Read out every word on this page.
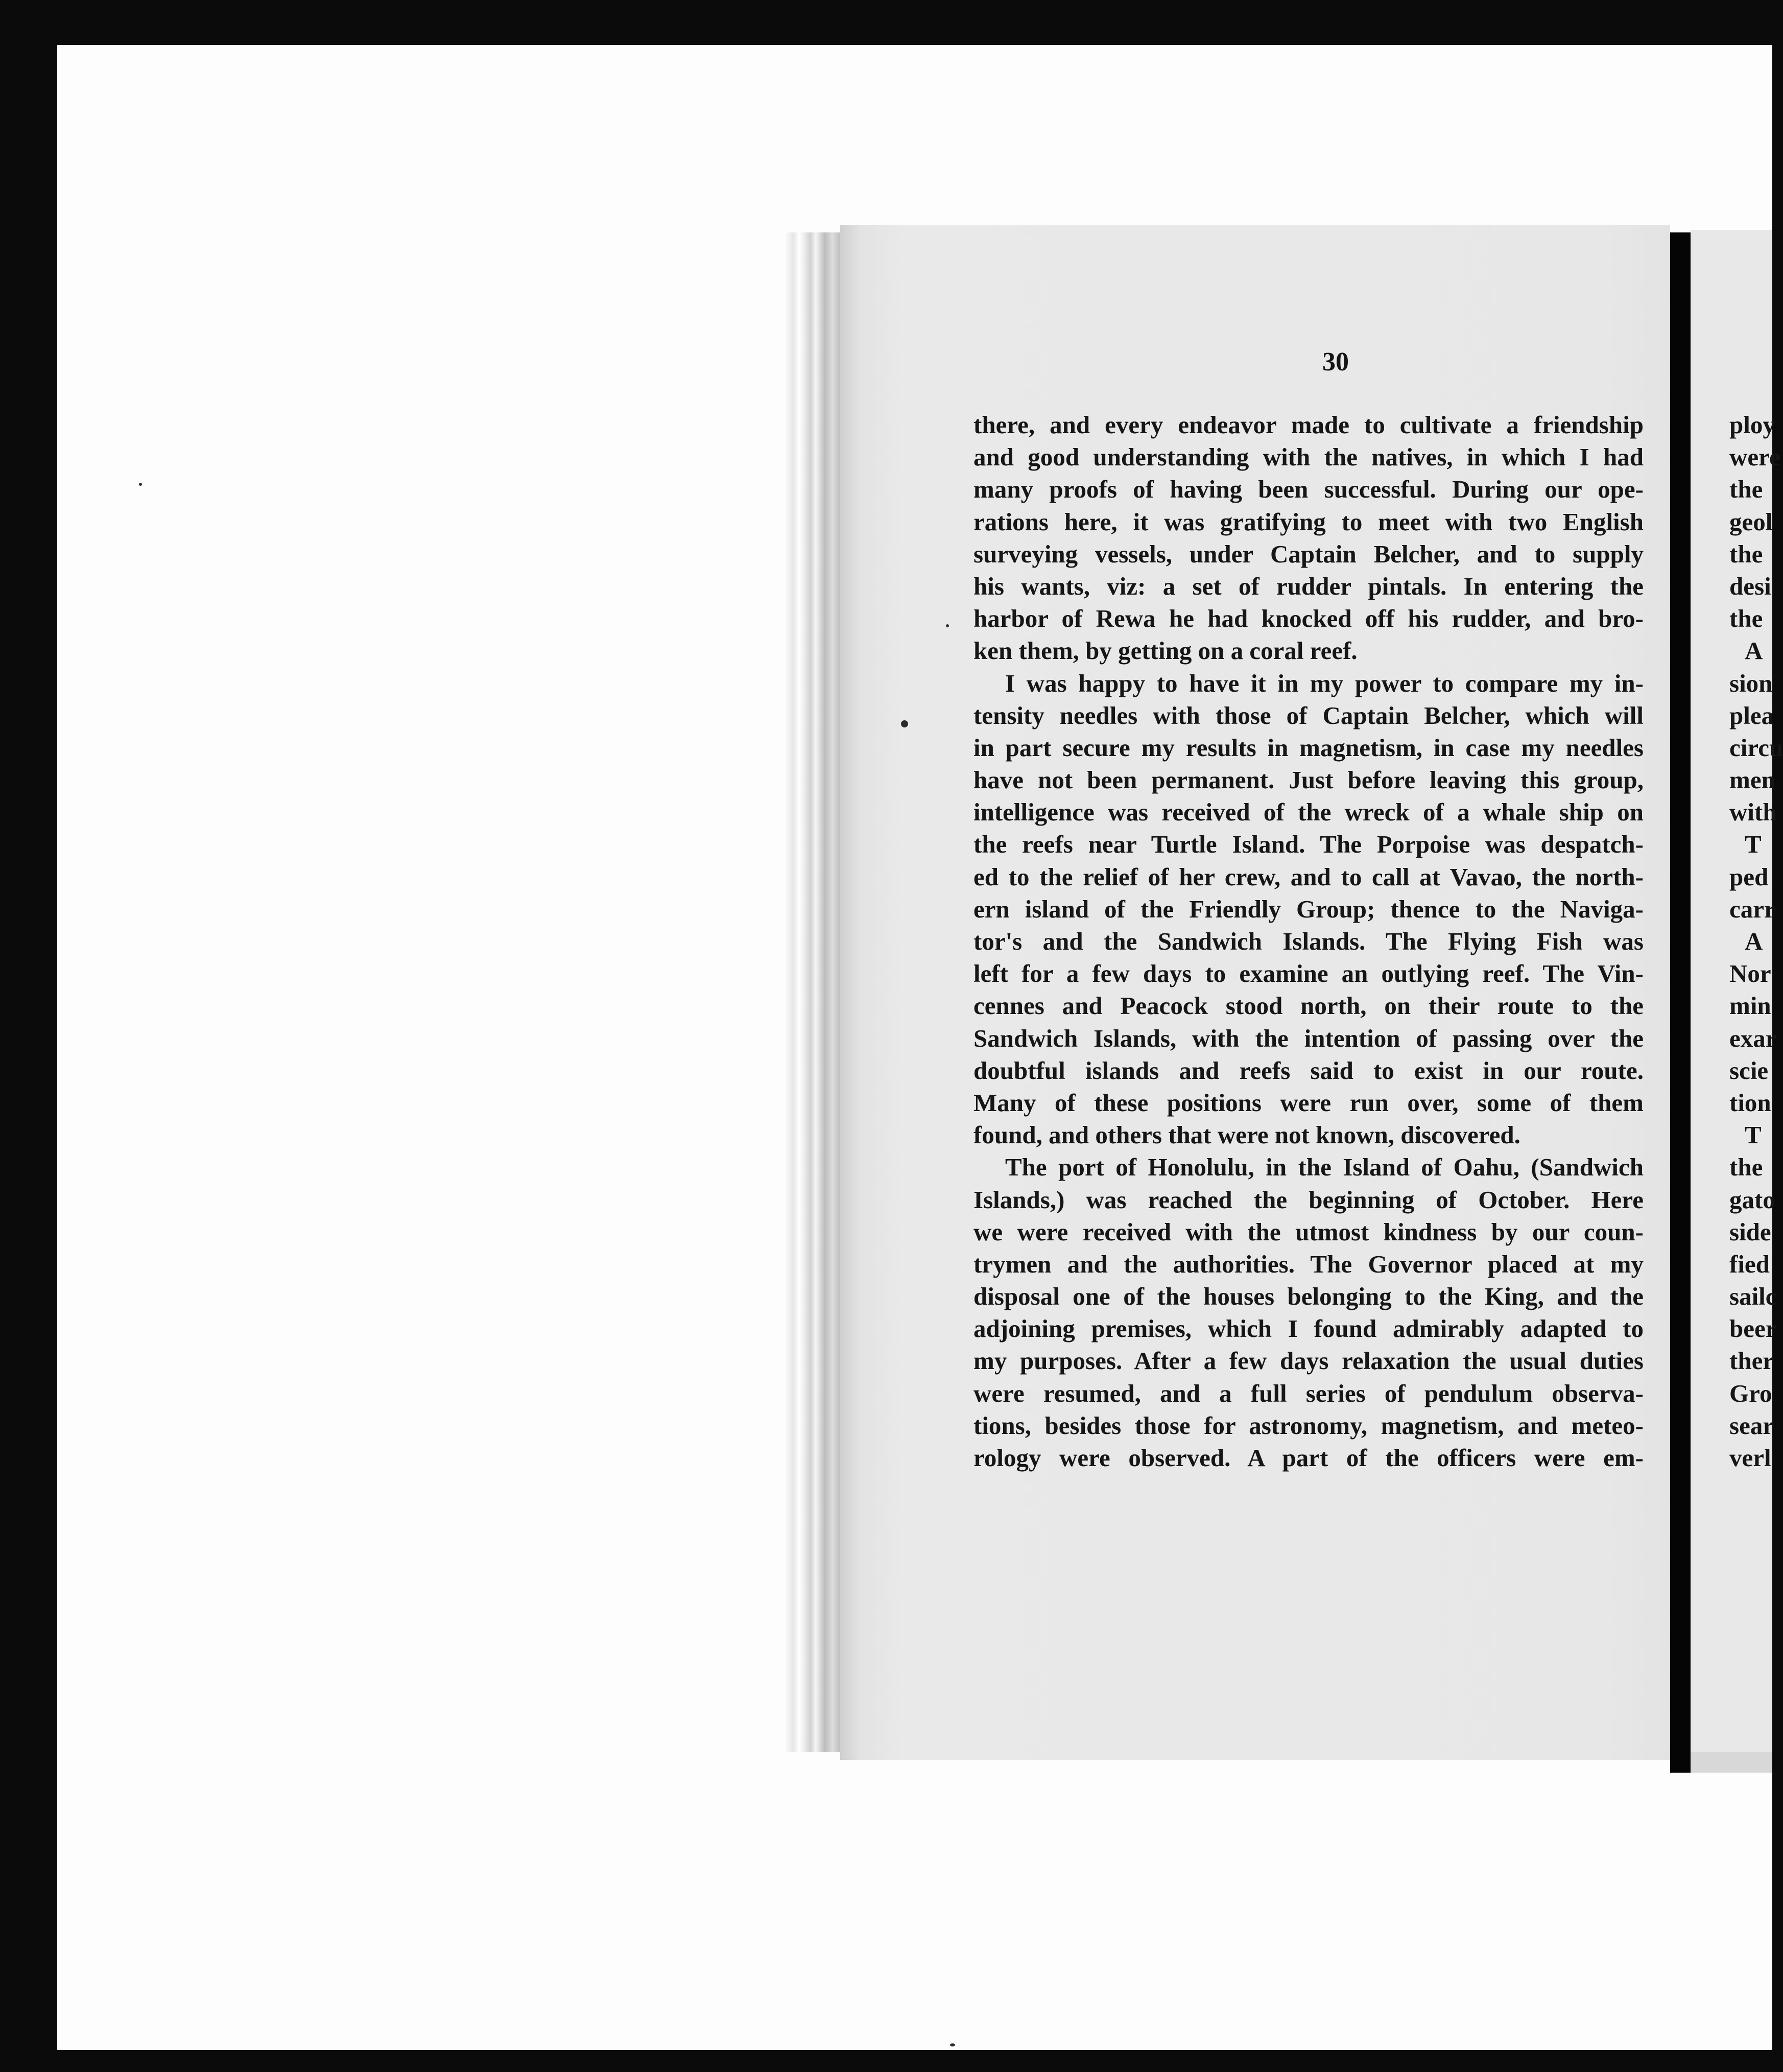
30
there, and every endeavor made to cultivate a friendship
and good understanding with the natives, in which I had
many proofs of having been successful. During our ope-
rations here, it was gratifying to meet with two English
surveying vessels, under Captain Belcher, and to supply
his wants, viz: a set of rudder pintals. In entering the
harbor of Rewa he had knocked off his rudder, and bro-
ken them, by getting on a coral reef.
I was happy to have it in my power to compare my in-
tensity needles with those of Captain Belcher, which will
in part secure my results in magnetism, in case my needles
have not been permanent. Just before leaving this group,
intelligence was received of the wreck of a whale ship on
the reefs near Turtle Island. The Porpoise was despatch-
ed to the relief of her crew, and to call at Vavao, the north-
ern island of the Friendly Group; thence to the Naviga-
tor's and the Sandwich Islands. The Flying Fish was
left for a few days to examine an outlying reef. The Vin-
cennes and Peacock stood north, on their route to the
Sandwich Islands, with the intention of passing over the
doubtful islands and reefs said to exist in our route.
Many of these positions were run over, some of them
found, and others that were not known, discovered.
The port of Honolulu, in the Island of Oahu, (Sandwich
Islands,) was reached the beginning of October. Here
we were received with the utmost kindness by our coun-
trymen and the authorities. The Governor placed at my
disposal one of the houses belonging to the King, and the
adjoining premises, which I found admirably adapted to
my purposes. After a few days relaxation the usual duties
were resumed, and a full series of pendulum observa-
tions, besides those for astronomy, magnetism, and meteo-
rology were observed. A part of the officers were em-
ploy
were
the
geol
the
desi
the
A
sion
plea
circu
men
with
T
ped
carr
A
Nor
min
exar
scie
tion
T
the
gato
side
fied
sailc
beer
ther
Gro
sear
verl
